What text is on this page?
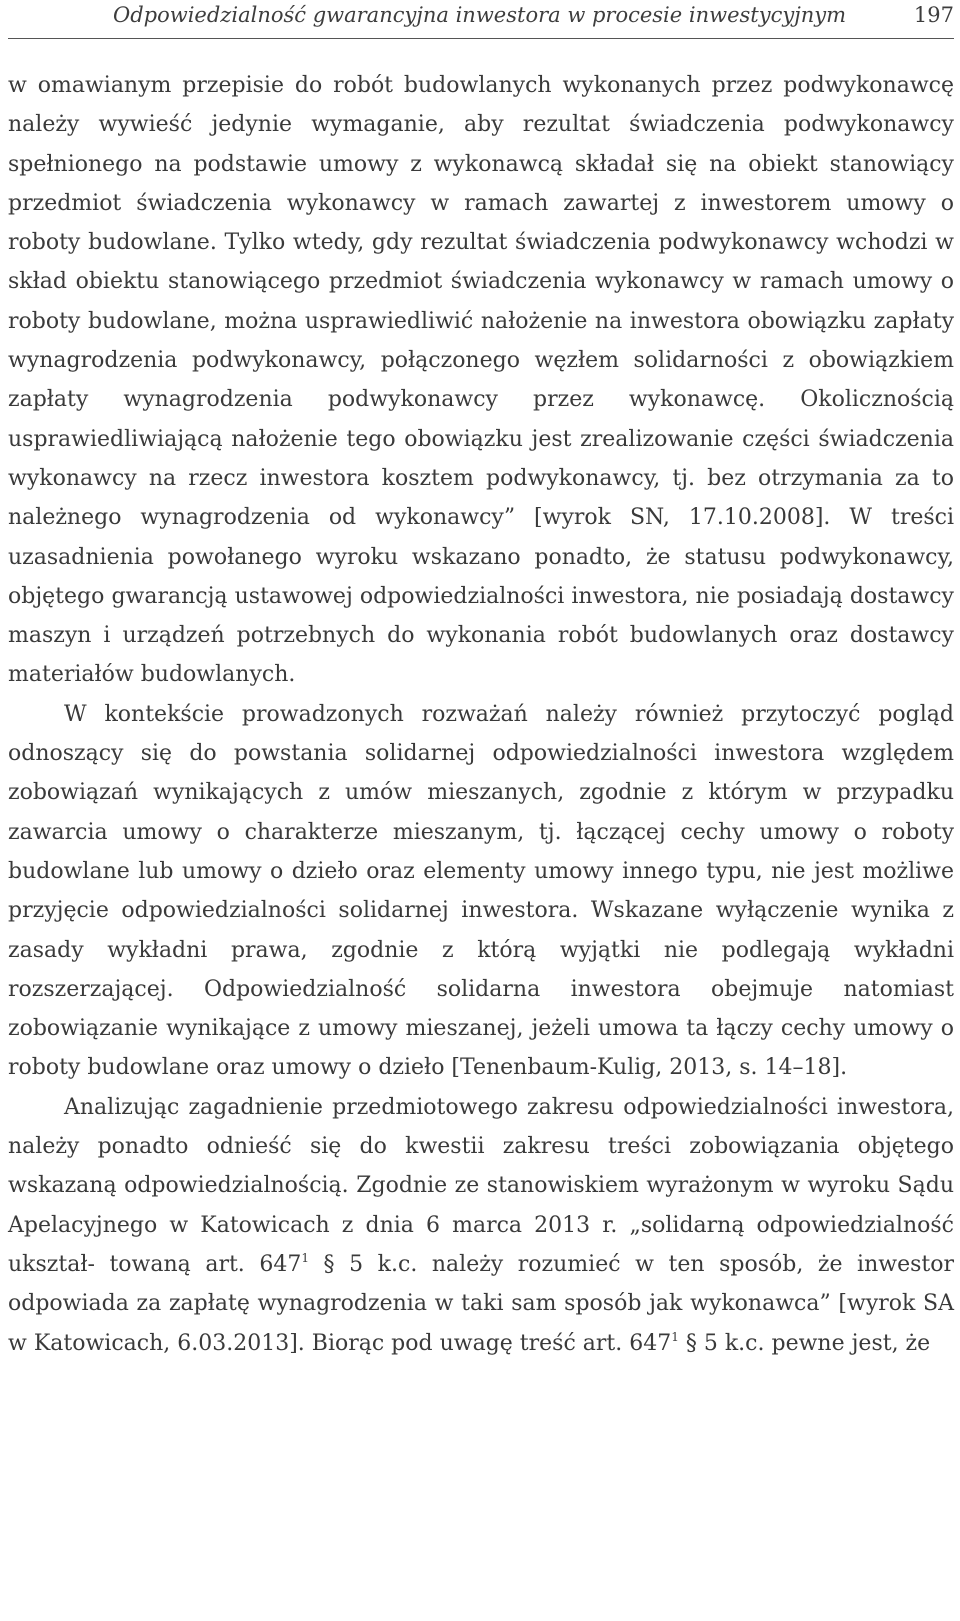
Odpowiedzialność gwarancyjna inwestora w procesie inwestycyjnym	197

w omawianym przepisie do robót budowlanych wykonanych przez podwykonawcę należy wywieść jedynie wymaganie, aby rezultat świadczenia podwykonawcy spełnionego na podstawie umowy z wykonawcą składał się na obiekt stanowiący przedmiot świadczenia wykonawcy w ramach zawartej z inwestorem umowy o roboty budowlane. Tylko wtedy, gdy rezultat świadczenia podwykonawcy wchodzi w skład obiektu stanowiącego przedmiot świadczenia wykonawcy w ramach umowy o roboty budowlane, można usprawiedliwić nałożenie na inwestora obowiązku zapłaty wynagrodzenia podwykonawcy, połączonego węzłem solidarności z obowiązkiem zapłaty wynagrodzenia podwykonawcy przez wykonawcę. Okolicznością usprawiedliwiającą nałożenie tego obowiązku jest zrealizowanie części świadczenia wykonawcy na rzecz inwestora kosztem podwykonawcy, tj. bez otrzymania za to należnego wynagrodzenia od wykonawcy” [wyrok SN, 17.10.2008]. W treści uzasadnienia powołanego wyroku wskazano ponadto, że statusu podwykonawcy, objętego gwarancją ustawowej odpowiedzialności inwestora, nie posiadają dostawcy maszyn i urządzeń potrzebnych do wykonania robót budowlanych oraz dostawcy materiałów budowlanych.

W kontekście prowadzonych rozważań należy również przytoczyć pogląd odnoszący się do powstania solidarnej odpowiedzialności inwestora względem zobowiązań wynikających z umów mieszanych, zgodnie z którym w przypadku zawarcia umowy o charakterze mieszanym, tj. łączącej cechy umowy o roboty budowlane lub umowy o dzieło oraz elementy umowy innego typu, nie jest możliwe przyjęcie odpowiedzialności solidarnej inwestora. Wskazane wyłączenie wynika z zasady wykładni prawa, zgodnie z którą wyjątki nie podlegają wykładni rozszerzającej. Odpowiedzialność solidarna inwestora obejmuje natomiast zobowiązanie wynikające z umowy mieszanej, jeżeli umowa ta łączy cechy umowy o roboty budowlane oraz umowy o dzieło [Tenenbaum-Kulig, 2013, s. 14–18].

Analizując zagadnienie przedmiotowego zakresu odpowiedzialności inwestora, należy ponadto odnieść się do kwestii zakresu treści zobowiązania objętego wskazaną odpowiedzialnością. Zgodnie ze stanowiskiem wyrażonym w wyroku Sądu Apelacyjnego w Katowicach z dnia 6 marca 2013 r. „solidarną odpowiedzialność ukształ- towaną art. $647^1$ § 5 k.c. należy rozumieć w ten sposób, że inwestor odpowiada za zapłatę wynagrodzenia w taki sam sposób jak wykonawca” [wyrok SA w Katowicach, 6.03.2013]. Biorąc pod uwagę treść art. $647^1$ § 5 k.c. pewne jest, że
